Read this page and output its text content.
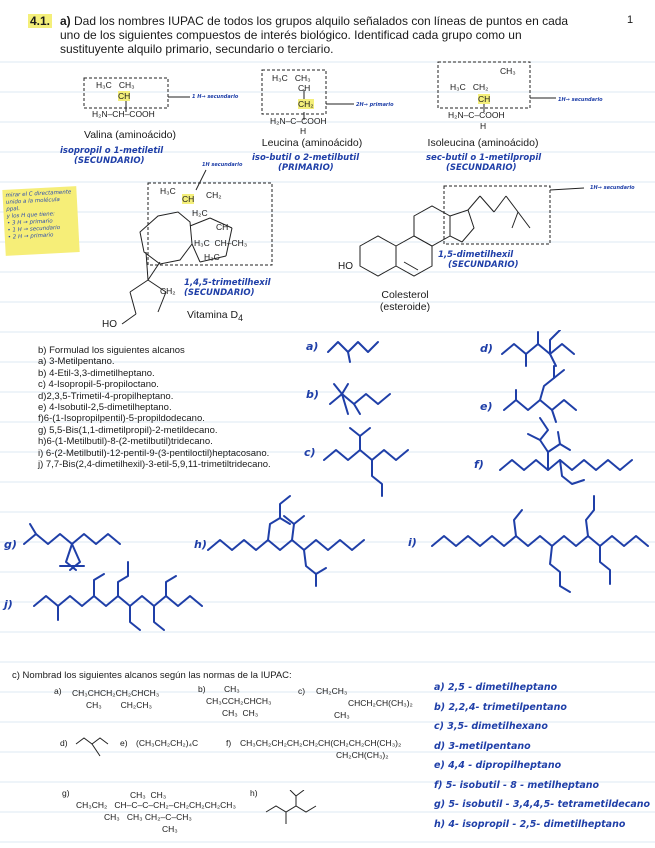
4.1. a) Dad los nombres IUPAC de todos los grupos alquilo señalados con líneas de puntos en cada uno de los siguientes compuestos de interés biológico. Identificad cada grupo como un sustituyente alquilo primario, secundario o terciario.
1
H₃C   CH₃
CH
H₂N–CH–COOH
1 H→ secundario
Valina (aminoácido)
isopropil o 1-metiletil
(SECUNDARIO)
H₃C   CH₃
CH
CH₂
H₂N–C–COOH
H
2H→ primario
Leucina (aminoácido)
iso-butil o 2-metilbutil
(PRIMARIO)
CH₃
H₃C   CH₂
CH
H₂N–C–COOH
H
1H→ secundario
Isoleucina (aminoácido)
sec-butil o 1-metilpropil
(SECUNDARIO)
mirar el C directamente
unido a la molécula ppal.
y los H que tiene:
• 3 H → primario
• 1 H → secundario
• 2 H → primario
1H secundario
H₃C
CH CH₂
H₂C
CH
H₃C  CH–CH₃
H₃C
CH₂
HO
1,4,5-trimetilhexil
(SECUNDARIO)
Vitamina $D_4$
1H→ secundario
HO
1,5-dimetilhexil
(SECUNDARIO)
Colesterol
(esteroide)
b) Formulad los siguientes alcanos
a) 3-Metilpentano.
b) 4-Etil-3,3-dimetilheptano.
c) 4-Isopropil-5-propiloctano.
d)2,3,5-Trimetil-4-propilheptano.
e) 4-Isobutil-2,5-dimetilheptano.
f)6-(1-Isopropilpentil)-5-propildodecano.
g) 5,5-Bis(1,1-dimetilpropil)-2-metildecano.
h)6-(1-Metilbutil)-8-(2-metilbutil)tridecano.
i) 6-(2-Metilbutil)-12-pentil-9-(3-pentiloctil)heptacosano.
j) 7,7-Bis(2,4-dimetilhexil)-3-etil-5,9,11-trimetiltridecano.
a)
b)
c)
d)
e)
f)
g)	h)	i)
j)
c) Nombrad los siguientes alcanos según las normas de la IUPAC:
a) CH₃CHCH₂CH₂CHCH₃
CH₃        CH₂CH₃
b) CH₃
CH₃CCH₂CHCH₃
CH₃  CH₃
c) CH₂CH₃
CHCH₂CH(CH₃)₂
CH₃
d)	e) (CH₃CH₂CH₂)₄C	f) CH₃CH₂CH₂CH₂CH₂CH(CH₂CH₂CH(CH₃)₂
CH₂CH(CH₃)₂
g)	CH₃  CH₃
CH₃CH₂   CH–C–C–CH₂–CH₂CH₂CH₂CH₃
CH₃   CH₃ CH₂–C–CH₃
CH₃
h)
a) 2,5 - dimetilheptano
b) 2,2,4- trimetilpentano
c) 3,5- dimetilhexano
d) 3-metilpentano
e) 4,4 - dipropilheptano
f) 5- isobutil - 8 - metilheptano
g) 5- isobutil - 3,4,4,5- tetrametildecano
h) 4- isopropil - 2,5- dimetilheptano
